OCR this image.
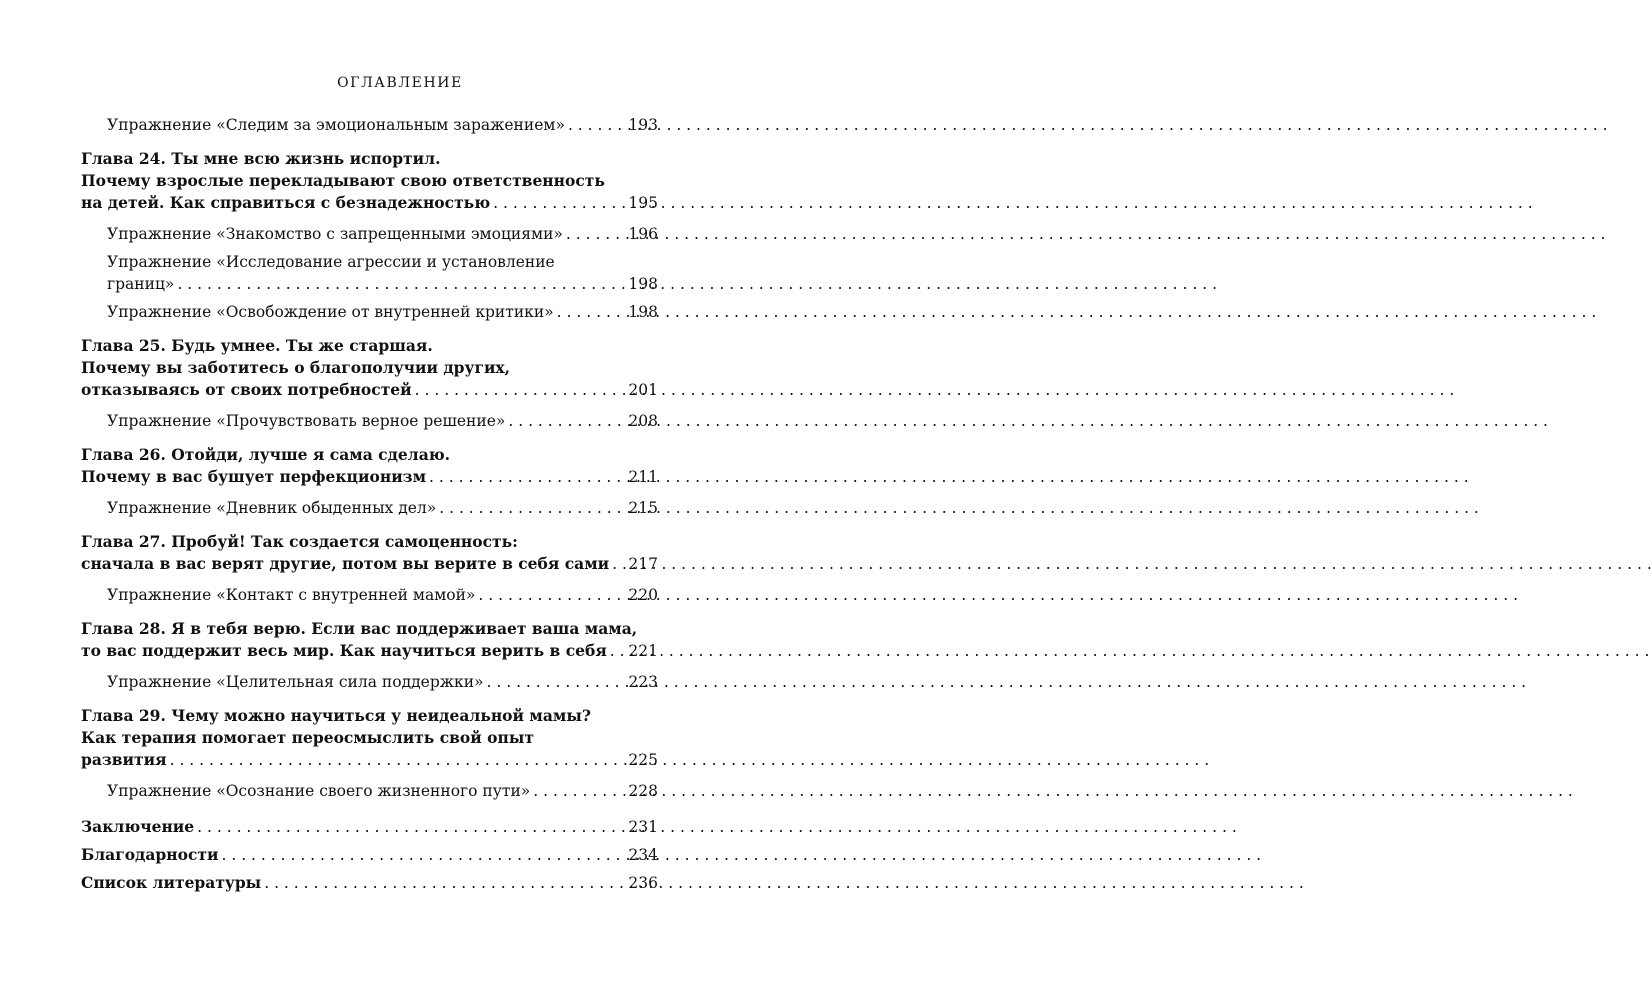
ОГЛАВЛЕНИЕ
Упражнение «Следим за эмоциональным заражением» . . .	193
Глава 24. Ты мне всю жизнь испортил.
Почему взрослые перекладывают свою ответственность
на детей. Как справиться с безнадежностью . . .	195
Упражнение «Знакомство с запрещенными эмоциями» . . .	196
Упражнение «Исследование агрессии и установление
границ» . . .	198
Упражнение «Освобождение от внутренней критики» . . .	198
Глава 25. Будь умнее. Ты же старшая.
Почему вы заботитесь о благополучии других,
отказываясь от своих потребностей . . .	201
Упражнение «Прочувствовать верное решение» . . .	208
Глава 26. Отойди, лучше я сама сделаю.
Почему в вас бушует перфекционизм . . .	211
Упражнение «Дневник обыденных дел» . . .	215
Глава 27. Пробуй! Так создается самоценность:
сначала в вас верят другие, потом вы верите в себя сами . . . 217
Упражнение «Контакт с внутренней мамой» . . .	220
Глава 28. Я в тебя верю. Если вас поддерживает ваша мама,
то вас поддержит весь мир. Как научиться верить в себя . . . 221
Упражнение «Целительная сила поддержки» . . .	223
Глава 29. Чему можно научиться у неидеальной мамы?
Как терапия помогает переосмыслить свой опыт
развития . . .	225
Упражнение «Осознание своего жизненного пути» . . .	228
Заключение . . .	231
Благодарности . . .	234
Список литературы . . .	236
